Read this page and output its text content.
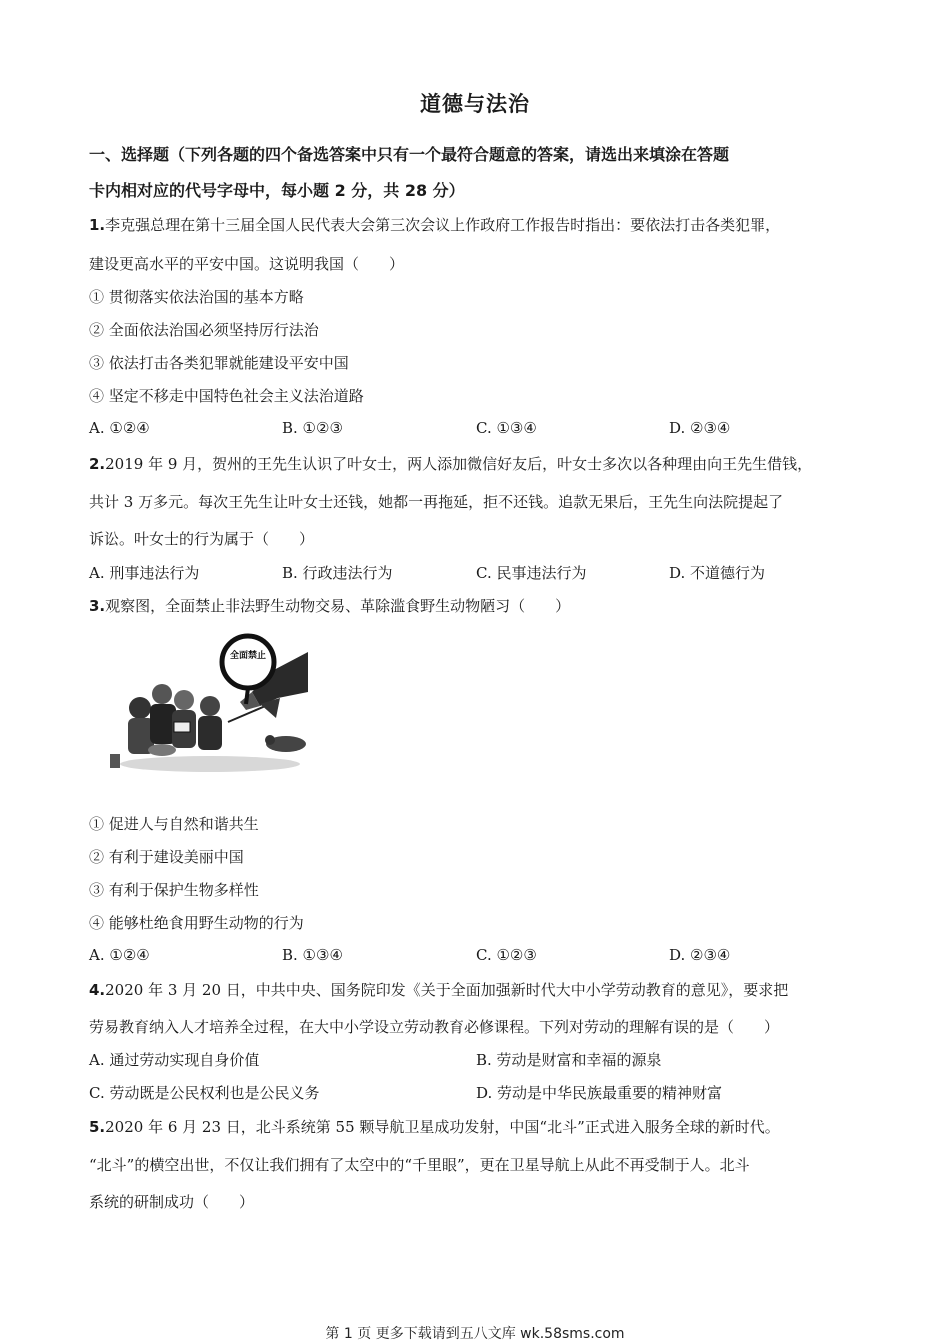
道德与法治
一、选择题（下列各题的四个备选答案中只有一个最符合题意的答案，请选出来填涂在答题
卡内相对应的代号字母中，每小题 2 分，共 28 分）
1.李克强总理在第十三届全国人民代表大会第三次会议上作政府工作报告时指出：要依法打击各类犯罪，
建设更高水平的平安中国。这说明我国（　　）
① 贯彻落实依法治国的基本方略
② 全面依法治国必须坚持厉行法治
③ 依法打击各类犯罪就能建设平安中国
④ 坚定不移走中国特色社会主义法治道路
A. ①②④	B. ①②③	C. ①③④	D. ②③④
2.2019 年 9 月，贺州的王先生认识了叶女士，两人添加微信好友后，叶女士多次以各种理由向王先生借钱，
共计 3 万多元。每次王先生让叶女士还钱，她都一再拖延，拒不还钱。追款无果后，王先生向法院提起了
诉讼。叶女士的行为属于（　　）
A. 刑事违法行为	B. 行政违法行为	C. 民事违法行为	D. 不道德行为
3.观察图，全面禁止非法野生动物交易、革除滥食野生动物陋习（　　）
全面禁止
① 促进人与自然和谐共生
② 有利于建设美丽中国
③ 有利于保护生物多样性
④ 能够杜绝食用野生动物的行为
A. ①②④	B. ①③④	C. ①②③	D. ②③④
4.2020 年 3 月 20 日，中共中央、国务院印发《关于全面加强新时代大中小学劳动教育的意见》，要求把
劳易教育纳入人才培养全过程，在大中小学设立劳动教育必修课程。下列对劳动的理解有误的是（　　）
A. 通过劳动实现自身价值	B. 劳动是财富和幸福的源泉
C. 劳动既是公民权利也是公民义务	D. 劳动是中华民族最重要的精神财富
5.2020 年 6 月 23 日，北斗系统第 55 颗导航卫星成功发射，中国“北斗”正式进入服务全球的新时代。
“北斗”的横空出世，不仅让我们拥有了太空中的“千里眼”，更在卫星导航上从此不再受制于人。北斗
系统的研制成功（　　）
第 1 页 更多下载请到五八文库 wk.58sms.com
